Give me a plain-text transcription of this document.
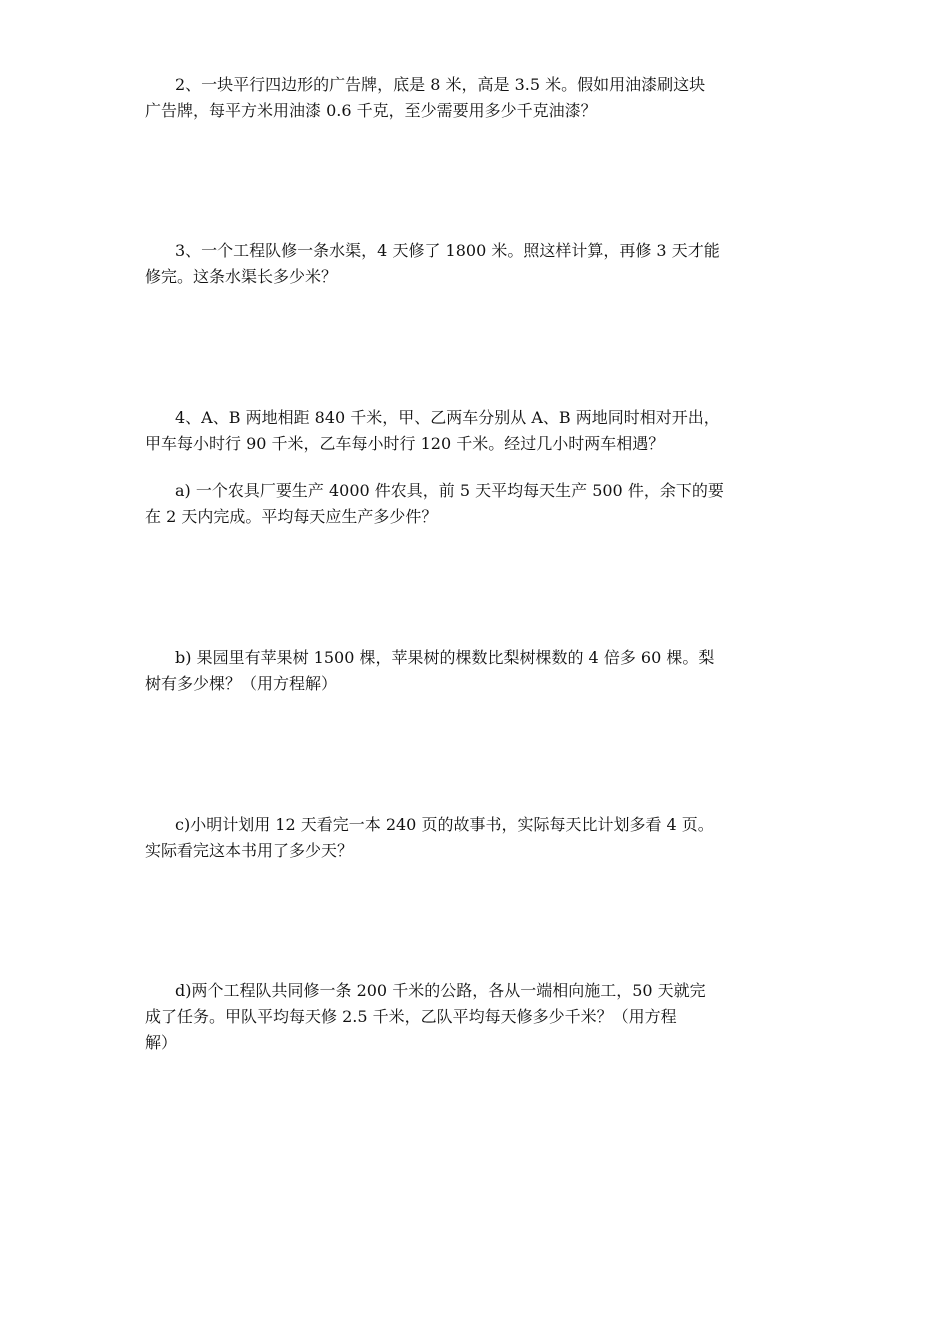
2、一块平行四边形的广告牌，底是 8 米，高是 3.5 米。假如用油漆刷这块
广告牌，每平方米用油漆 0.6 千克，至少需要用多少千克油漆？

3、一个工程队修一条水渠，4 天修了 1800 米。照这样计算，再修 3 天才能
修完。这条水渠长多少米？

4、A、B 两地相距 840 千米，甲、乙两车分别从 A、B 两地同时相对开出，
甲车每小时行 90 千米，乙车每小时行 120 千米。经过几小时两车相遇？

a) 一个农具厂要生产 4000 件农具，前 5 天平均每天生产 500 件，余下的要
在 2 天内完成。平均每天应生产多少件？

b) 果园里有苹果树 1500 棵，苹果树的棵数比梨树棵数的 4 倍多 60 棵。梨
树有多少棵？（用方程解）

c)小明计划用 12 天看完一本 240 页的故事书，实际每天比计划多看 4 页。
实际看完这本书用了多少天？

d)两个工程队共同修一条 200 千米的公路，各从一端相向施工，50 天就完
成了任务。甲队平均每天修 2.5 千米，乙队平均每天修多少千米？（用方程
解）
